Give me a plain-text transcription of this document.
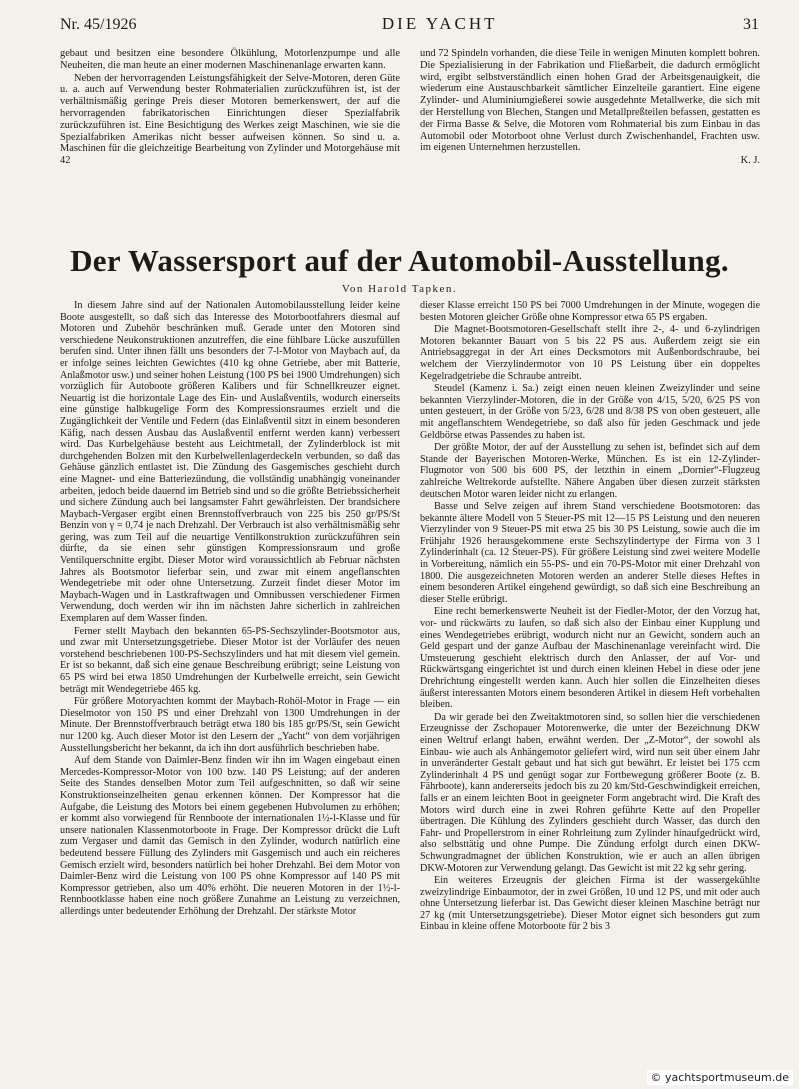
Nr. 45/1926	DIE YACHT	31

gebaut und besitzen eine besondere Ölkühlung, Motorlenzpumpe und alle Neuheiten, die man heute an einer modernen Maschinenanlage erwarten kann.

Neben der hervorragenden Leistungsfähigkeit der Selve-Motoren, deren Güte u. a. auch auf Verwendung bester Rohmaterialien zurückzuführen ist, ist der verhältnismäßig geringe Preis dieser Motoren bemerkenswert, der auf die hervorragenden fabrikatorischen Einrichtungen dieser Spezialfabrik zurückzuführen ist. Eine Besichtigung des Werkes zeigt Maschinen, wie sie die Spezialfabriken Amerikas nicht besser aufweisen können. So sind u. a. Maschinen für die gleichzeitige Bearbeitung von Zylinder und Motorgehäuse mit 42

und 72 Spindeln vorhanden, die diese Teile in wenigen Minuten komplett bohren. Die Spezialisierung in der Fabrikation und Fließarbeit, die dadurch ermöglicht wird, ergibt selbstverständlich einen hohen Grad der Arbeitsgenauigkeit, die wiederum eine Austauschbarkeit sämtlicher Einzelteile garantiert. Eine eigene Zylinder- und Aluminiumgießerei sowie ausgedehnte Metallwerke, die sich mit der Herstellung von Blechen, Stangen und Metallpreßteilen befassen, gestatten es der Firma Basse & Selve, die Motoren vom Rohmaterial bis zum Einbau in das Automobil oder Motorboot ohne Verlust durch Zwischenhandel, Frachten usw. im eigenen Unternehmen herzustellen.

K. J.

Der Wassersport auf der Automobil-Ausstellung.
Von Harold Tapken.

In diesem Jahre sind auf der Nationalen Automobilausstellung leider keine Boote ausgestellt, so daß sich das Interesse des Motorbootfahrers diesmal auf Motoren und Zubehör beschränken muß. Gerade unter den Motoren sind verschiedene Neukonstruktionen anzutreffen, die eine fühlbare Lücke auszufüllen berufen sind. Unter ihnen fällt uns besonders der 7-l-Motor von Maybach auf, da er infolge seines leichten Gewichtes (410 kg ohne Getriebe, aber mit Batterie, Anlaßmotor usw.) und seiner hohen Leistung (100 PS bei 1900 Umdrehungen) sich vorzüglich für Autoboote größeren Kalibers und für Schnellkreuzer eignet. Neuartig ist die horizontale Lage des Ein- und Auslaßventils, wodurch einerseits eine günstige halbkugelige Form des Kompressionsraumes erzielt und die Zugänglichkeit der Ventile und Federn (das Einlaßventil sitzt in einem besonderen Käfig, nach dessen Ausbau das Auslaßventil entfernt werden kann) verbessert wird. Das Kurbelgehäuse besteht aus Leichtmetall, der Zylinderblock ist mit durchgehenden Bolzen mit den Kurbelwellenlagerdeckeln verbunden, so daß das Gehäuse gänzlich entlastet ist. Die Zündung des Gasgemisches geschieht durch eine Magnet- und eine Batteriezündung, die vollständig unabhängig voneinander arbeiten, jedoch beide dauernd im Betrieb sind und so die größte Betriebssicherheit und sichere Zündung auch bei langsamster Fahrt gewährleisten. Der brandsichere Maybach-Vergaser ergibt einen Brennstoffverbrauch von 225 bis 250 gr/PS/St Benzin von γ = 0,74 je nach Drehzahl. Der Verbrauch ist also verhältnismäßig sehr gering, was zum Teil auf die neuartige Ventilkonstruktion zurückzuführen sein dürfte, da sie einen sehr günstigen Kompressionsraum und große Ventilquerschnitte ergibt. Dieser Motor wird voraussichtlich ab Februar nächsten Jahres als Bootsmotor lieferbar sein, und zwar mit einem angeflanschten Wendegetriebe mit oder ohne Untersetzung. Zurzeit findet dieser Motor im Maybach-Wagen und in Lastkraftwagen und Omnibussen verschiedener Firmen Verwendung, doch werden wir ihn im nächsten Jahre sicherlich in zahlreichen Exemplaren auf dem Wasser finden.

Ferner stellt Maybach den bekannten 65-PS-Sechszylinder-Bootsmotor aus, und zwar mit Untersetzungsgetriebe. Dieser Motor ist der Vorläufer des neuen vorstehend beschriebenen 100-PS-Sechszylinders und hat mit diesem viel gemein. Er ist so bekannt, daß sich eine genaue Beschreibung erübrigt; seine Leistung von 65 PS wird bei etwa 1850 Umdrehungen der Kurbelwelle erreicht, sein Gewicht beträgt mit Wendegetriebe 465 kg.

Für größere Motoryachten kommt der Maybach-Rohöl-Motor in Frage — ein Dieselmotor von 150 PS und einer Drehzahl von 1300 Umdrehungen in der Minute. Der Brennstoffverbrauch beträgt etwa 180 bis 185 gr/PS/St, sein Gewicht nur 1200 kg. Auch dieser Motor ist den Lesern der „Yacht“ von dem vorjährigen Ausstellungsbericht her bekannt, da ich ihn dort ausführlich beschrieben habe.

Auf dem Stande von Daimler-Benz finden wir ihn im Wagen eingebaut einen Mercedes-Kompressor-Motor von 100 bzw. 140 PS Leistung; auf der anderen Seite des Standes denselben Motor zum Teil aufgeschnitten, so daß wir seine Konstruktionseinzelheiten genau erkennen können. Der Kompressor hat die Aufgabe, die Leistung des Motors bei einem gegebenen Hubvolumen zu erhöhen; er kommt also vorwiegend für Rennboote der internationalen 1½-l-Klasse und für unsere nationalen Klassenmotorboote in Frage. Der Kompressor drückt die Luft zum Vergaser und damit das Gemisch in den Zylinder, wodurch natürlich eine bedeutend bessere Füllung des Zylinders mit Gasgemisch und auch ein reicheres Gemisch erzielt wird, besonders natürlich bei hoher Drehzahl. Bei dem Motor von Daimler-Benz wird die Leistung von 100 PS ohne Kompressor auf 140 PS mit Kompressor getrieben, also um 40% erhöht. Die neueren Motoren in der 1½-l-Rennbootklasse haben eine noch größere Zunahme an Leistung zu verzeichnen, allerdings unter bedeutender Erhöhung der Drehzahl. Der stärkste Motor

dieser Klasse erreicht 150 PS bei 7000 Umdrehungen in der Minute, wogegen die besten Motoren gleicher Größe ohne Kompressor etwa 65 PS ergaben.

Die Magnet-Bootsmotoren-Gesellschaft stellt ihre 2-, 4- und 6-zylindrigen Motoren bekannter Bauart von 5 bis 22 PS aus. Außerdem zeigt sie ein Antriebsaggregat in der Art eines Decksmotors mit Außenbordschraube, bei welchem der Vierzylindermotor von 10 PS Leistung über ein doppeltes Kegelradgetriebe die Schraube antreibt.

Steudel (Kamenz i. Sa.) zeigt einen neuen kleinen Zweizylinder und seine bekannten Vierzylinder-Motoren, die in der Größe von 4/15, 5/20, 6/25 PS von unten gesteuert, in der Größe von 5/23, 6/28 und 8/38 PS von oben gesteuert, alle mit angeflanschtem Wendegetriebe, so daß also für jeden Geschmack und jede Geldbörse etwas Passendes zu haben ist.

Der größte Motor, der auf der Ausstellung zu sehen ist, befindet sich auf dem Stande der Bayerischen Motoren-Werke, München. Es ist ein 12-Zylinder-Flugmotor von 500 bis 600 PS, der letzthin in einem „Dornier“-Flugzeug zahlreiche Weltrekorde aufstellte. Nähere Angaben über diesen zurzeit stärksten deutschen Motor waren leider nicht zu erlangen.

Basse und Selve zeigen auf ihrem Stand verschiedene Bootsmotoren: das bekannte ältere Modell von 5 Steuer-PS mit 12—15 PS Leistung und den neueren Vierzylinder von 9 Steuer-PS mit etwa 25 bis 30 PS Leistung, sowie auch die im Frühjahr 1926 herausgekommene erste Sechszylindertype der Firma von 3 l Zylinderinhalt (ca. 12 Steuer-PS). Für größere Leistung sind zwei weitere Modelle in Vorbereitung, nämlich ein 55-PS- und ein 70-PS-Motor mit einer Drehzahl von 1800. Die ausgezeichneten Motoren werden an anderer Stelle dieses Heftes in einem besonderen Artikel eingehend gewürdigt, so daß sich eine Beschreibung an dieser Stelle erübrigt.

Eine recht bemerkenswerte Neuheit ist der Fiedler-Motor, der den Vorzug hat, vor- und rückwärts zu laufen, so daß sich also der Einbau einer Kupplung und eines Wendegetriebes erübrigt, wodurch nicht nur an Gewicht, sondern auch an Geld gespart und der ganze Aufbau der Maschinenanlage vereinfacht wird. Die Umsteuerung geschieht elektrisch durch den Anlasser, der auf Vor- und Rückwärtsgang eingerichtet ist und durch einen kleinen Hebel in diese oder jene Drehrichtung eingestellt werden kann. Auch hier sollen die Einzelheiten dieses äußerst interessanten Motors einem besonderen Artikel in diesem Heft vorbehalten bleiben.

Da wir gerade bei den Zweitaktmotoren sind, so sollen hier die verschiedenen Erzeugnisse der Zschopauer Motorenwerke, die unter der Bezeichnung DKW einen Weltruf erlangt haben, erwähnt werden. Der „Z-Motor“, der sowohl als Einbau- wie auch als Anhängemotor geliefert wird, wird nun seit über einem Jahr in unveränderter Gestalt gebaut und hat sich gut bewährt. Er leistet bei 175 ccm Zylinderinhalt 4 PS und genügt sogar zur Fortbewegung größerer Boote (z. B. Fährboote), kann andererseits jedoch bis zu 20 km/Std-Geschwindigkeit erreichen, falls er an einem leichten Boot in geeigneter Form angebracht wird. Die Kraft des Motors wird durch eine in zwei Rohren geführte Kette auf den Propeller übertragen. Die Kühlung des Zylinders geschieht durch Wasser, das durch den Fahr- und Propellerstrom in einer Rohrleitung zum Zylinder hinaufgedrückt wird, also selbsttätig und ohne Pumpe. Die Zündung erfolgt durch einen DKW-Schwungradmagnet der üblichen Konstruktion, wie er auch an allen übrigen DKW-Motoren zur Verwendung gelangt. Das Gewicht ist mit 22 kg sehr gering.

Ein weiteres Erzeugnis der gleichen Firma ist der wassergekühlte zweizylindrige Einbaumotor, der in zwei Größen, 10 und 12 PS, und mit oder auch ohne Untersetzung lieferbar ist. Das Gewicht dieser kleinen Maschine beträgt nur 27 kg (mit Untersetzungsgetriebe). Dieser Motor eignet sich besonders gut zum Einbau in kleine offene Motorboote für 2 bis 3

© yachtsportmuseum.de
